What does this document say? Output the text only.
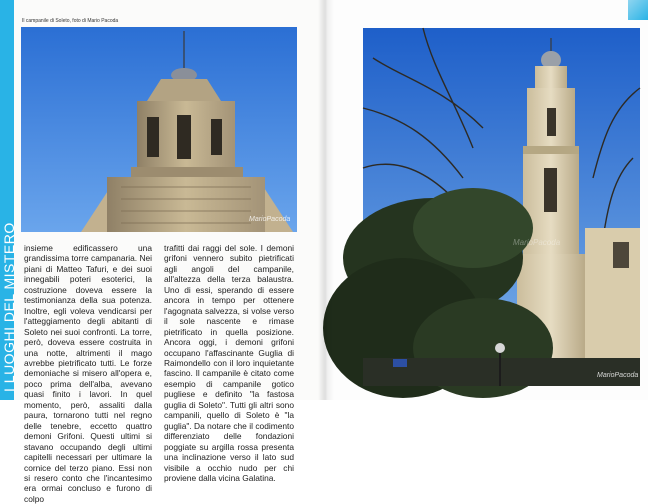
I LUOGHI DEL MISTERO
Il campanile di Soleto, foto di Mario Pacoda
MarioPacoda
insieme edificassero una grandissima torre campanaria. Nei piani di Matteo Tafuri, e dei suoi innegabili poteri esoterici, la costruzione doveva essere la testimonianza della sua potenza. Inoltre, egli voleva vendicarsi per l'atteggiamento degli abitanti di Soleto nei suoi confronti. La torre, però, doveva essere costruita in una notte, altrimenti il mago avrebbe pietrificato tutti. Le forze demoniache si misero all'opera e, poco prima dell'alba, avevano quasi finito i lavori. In quel momento, però, assaliti dalla paura, tornarono tutti nel regno delle tenebre, eccetto quattro demoni Grifoni. Questi ultimi si stavano occupando degli ultimi capitelli necessari per ultimare la cornice del terzo piano. Essi non si resero conto che l'incantesimo era ormai concluso e furono di colpo
trafitti dai raggi del sole. I demoni grifoni vennero subito pietrificati agli angoli del campanile, all'altezza della terza balaustra. Uno di essi, sperando di essere ancora in tempo per ottenere l'agognata salvezza, si volse verso il sole nascente e rimase pietrificato in quella posizione. Ancora oggi, i demoni grifoni occupano l'affascinante Guglia di Raimondello con il loro inquietante fascino. Il campanile è citato come esempio di campanile gotico pugliese e definito "la fastosa guglia di Soleto". Tutti gli altri sono campanili, quello di Soleto è "la guglia". Da notare che il codimento differenziato delle fondazioni poggiate su argilla rossa presenta una inclinazione verso il lato sud visibile a occhio nudo per chi proviene dalla vicina Galatina.
MarioPacoda
MarioPacoda
